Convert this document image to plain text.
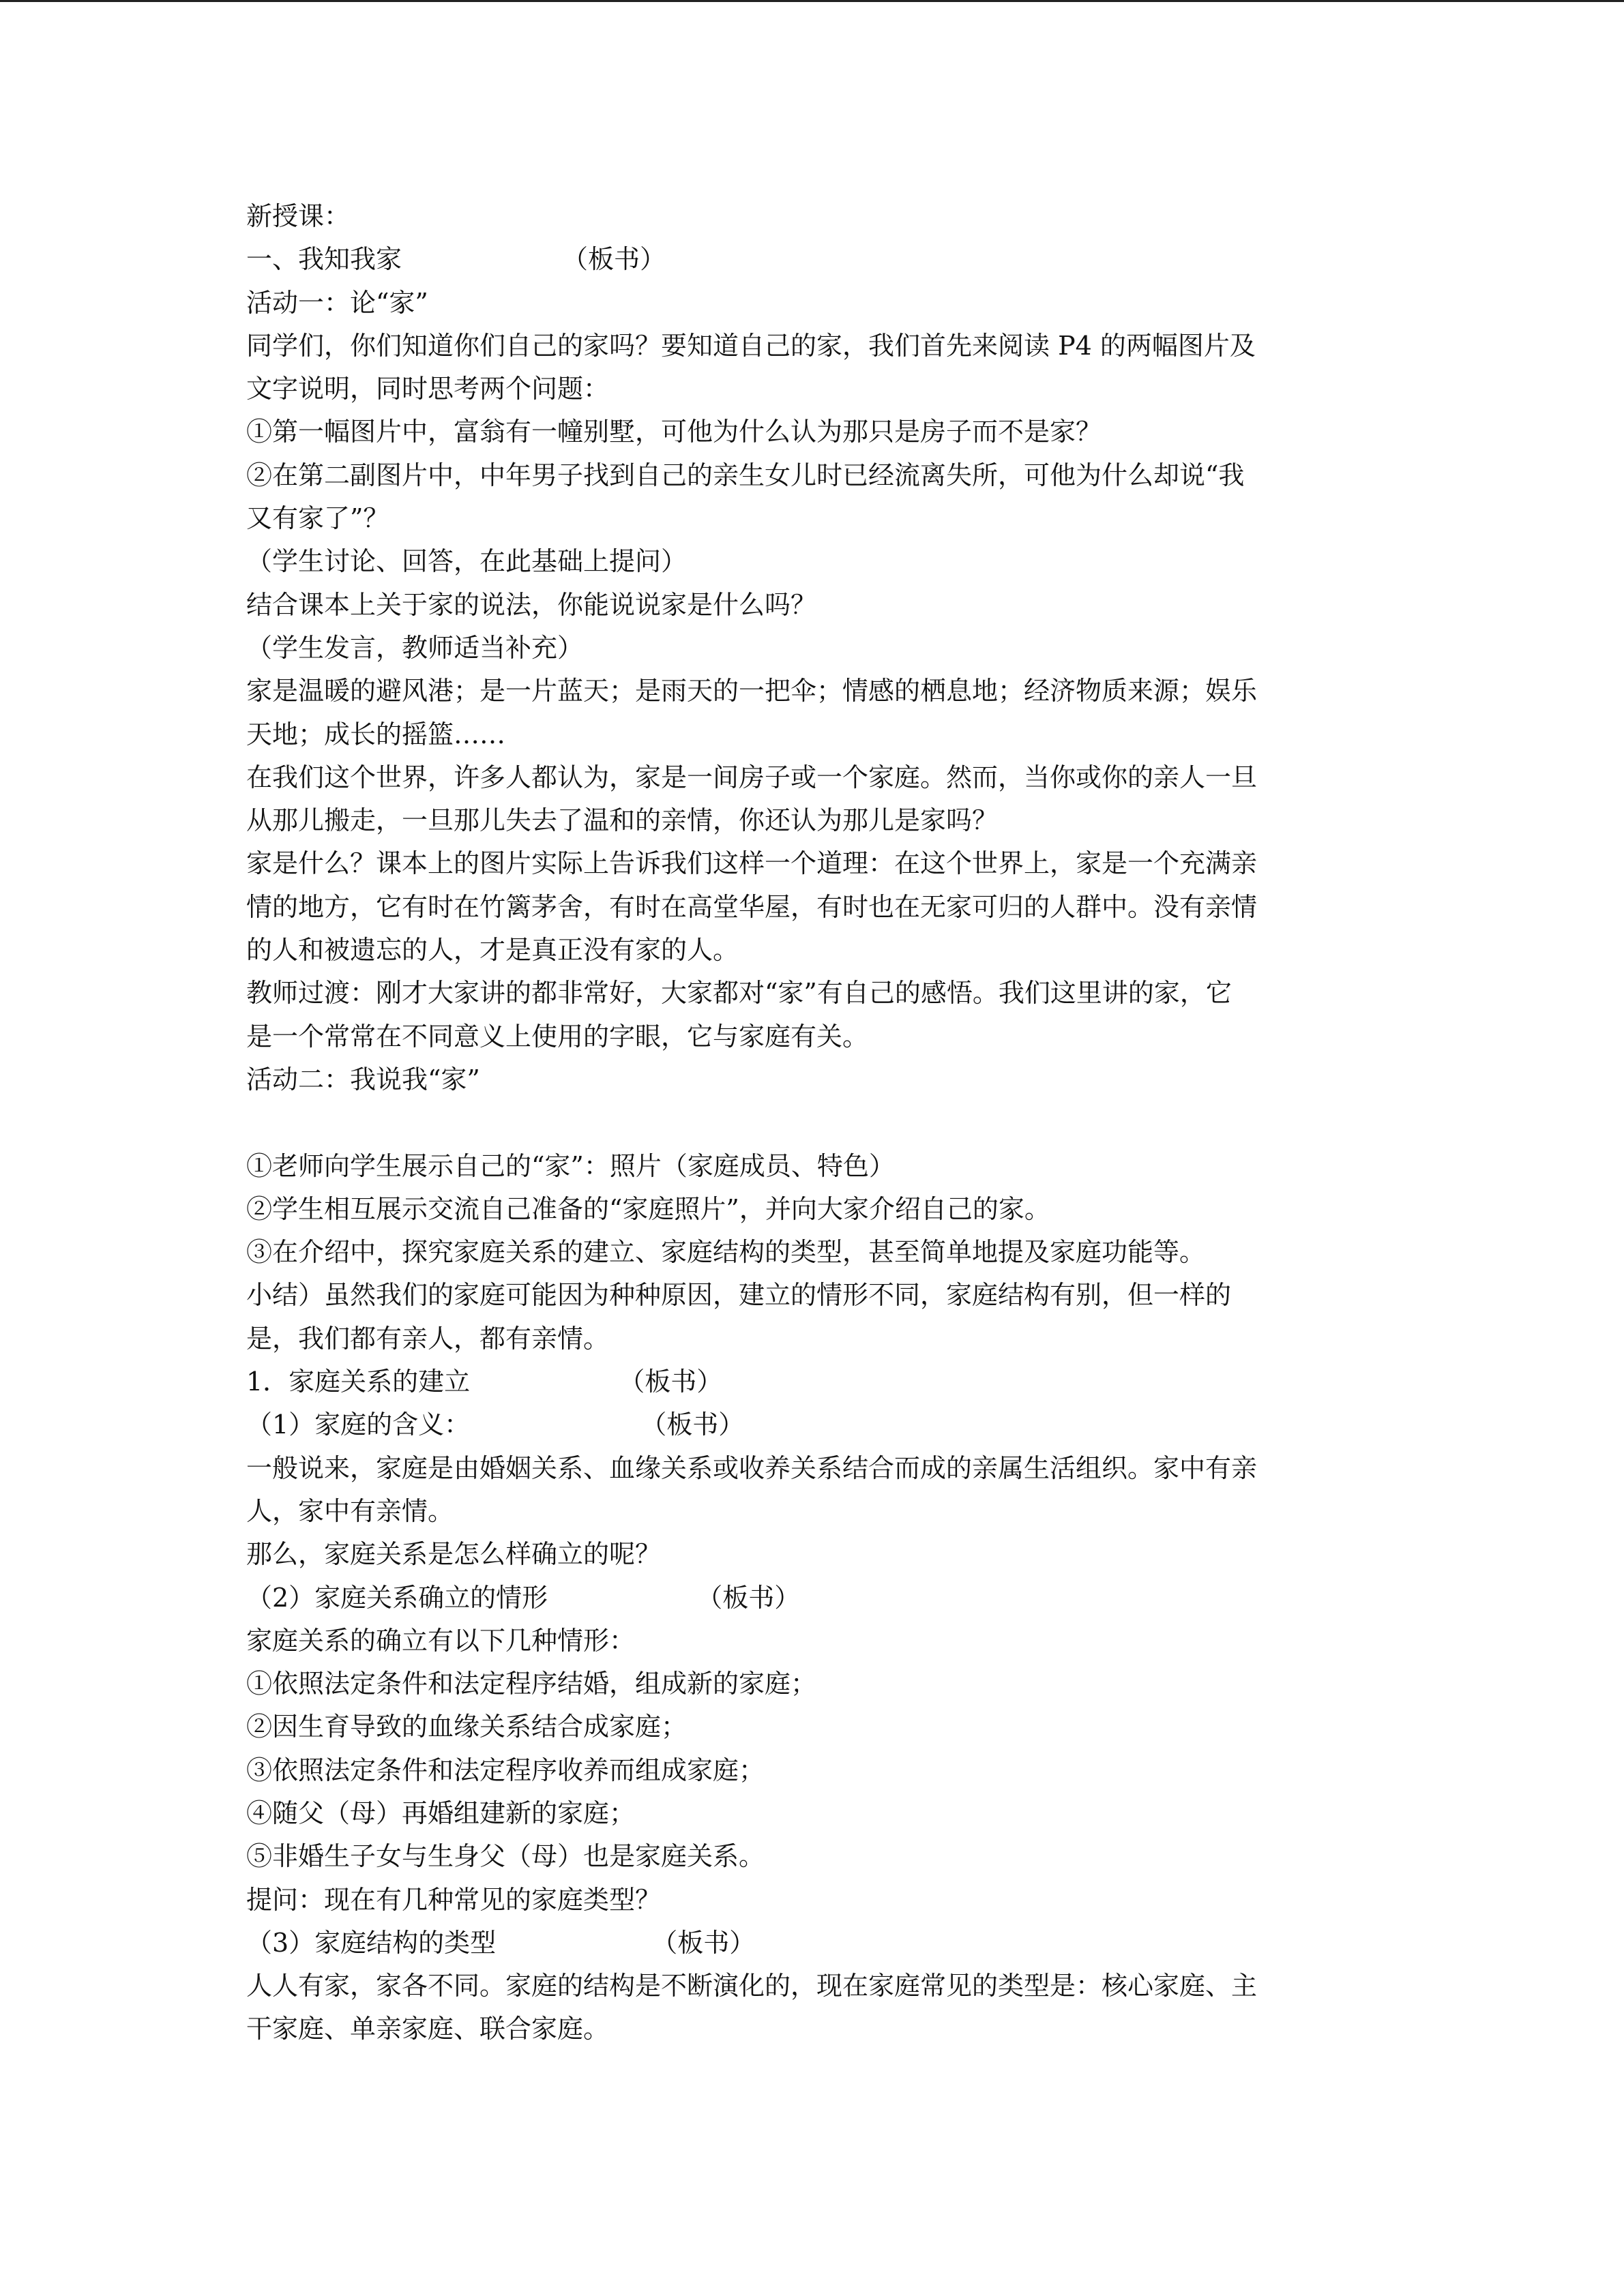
新授课：
一、我知我家	（板书）
活动一：论“家”
同学们，你们知道你们自己的家吗？要知道自己的家，我们首先来阅读 P4 的两幅图片及
文字说明，同时思考两个问题：
①第一幅图片中，富翁有一幢别墅，可他为什么认为那只是房子而不是家？
②在第二副图片中，中年男子找到自己的亲生女儿时已经流离失所，可他为什么却说“我
又有家了”？
（学生讨论、回答，在此基础上提问）
结合课本上关于家的说法，你能说说家是什么吗？
（学生发言，教师适当补充）
家是温暖的避风港；是一片蓝天；是雨天的一把伞；情感的栖息地；经济物质来源；娱乐
天地；成长的摇篮……
在我们这个世界，许多人都认为，家是一间房子或一个家庭。然而，当你或你的亲人一旦
从那儿搬走，一旦那儿失去了温和的亲情，你还认为那儿是家吗？
家是什么？课本上的图片实际上告诉我们这样一个道理：在这个世界上，家是一个充满亲
情的地方，它有时在竹篱茅舍，有时在高堂华屋，有时也在无家可归的人群中。没有亲情
的人和被遗忘的人，才是真正没有家的人。
教师过渡：刚才大家讲的都非常好，大家都对“家”有自己的感悟。我们这里讲的家，它
是一个常常在不同意义上使用的字眼，它与家庭有关。
活动二：我说我“家”
①老师向学生展示自己的“家”：照片（家庭成员、特色）
②学生相互展示交流自己准备的“家庭照片”，并向大家介绍自己的家。
③在介绍中，探究家庭关系的建立、家庭结构的类型，甚至简单地提及家庭功能等。
小结）虽然我们的家庭可能因为种种原因，建立的情形不同，家庭结构有别，但一样的
是，我们都有亲人，都有亲情。
1．家庭关系的建立	（板书）
（1）家庭的含义：	（板书）
一般说来，家庭是由婚姻关系、血缘关系或收养关系结合而成的亲属生活组织。家中有亲
人，家中有亲情。
那么，家庭关系是怎么样确立的呢？
（2）家庭关系确立的情形	（板书）
家庭关系的确立有以下几种情形：
①依照法定条件和法定程序结婚，组成新的家庭；
②因生育导致的血缘关系结合成家庭；
③依照法定条件和法定程序收养而组成家庭；
④随父（母）再婚组建新的家庭；
⑤非婚生子女与生身父（母）也是家庭关系。
提问：现在有几种常见的家庭类型？
（3）家庭结构的类型	（板书）
人人有家，家各不同。家庭的结构是不断演化的，现在家庭常见的类型是：核心家庭、主
干家庭、单亲家庭、联合家庭。
